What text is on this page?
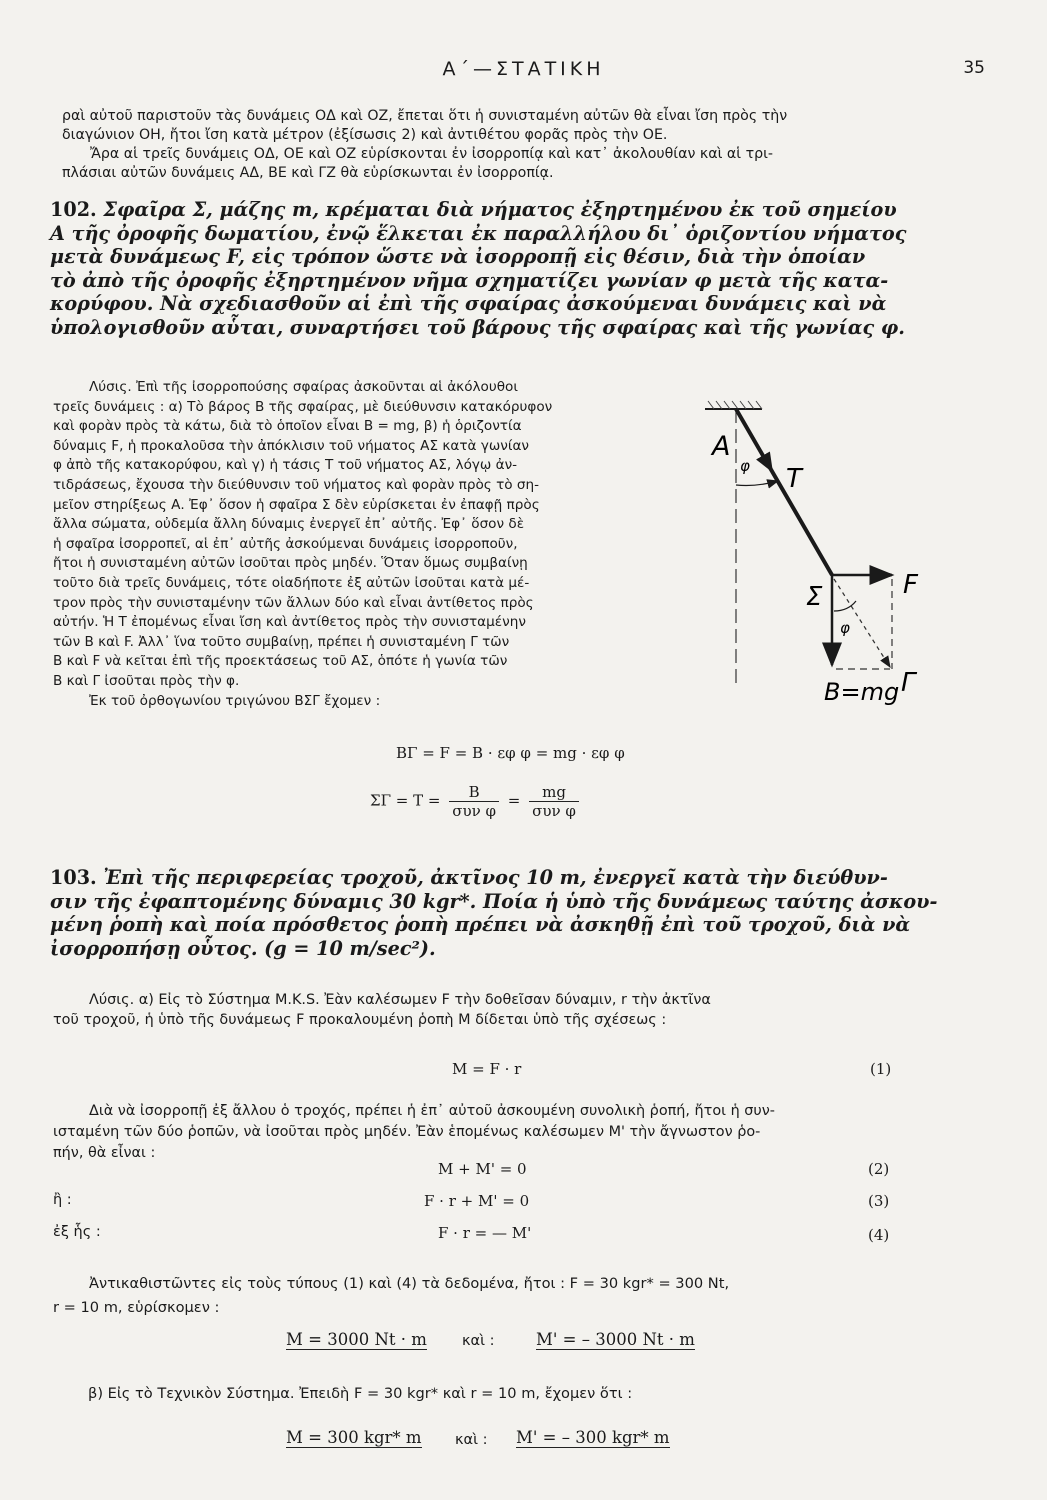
Α΄—ΣΤΑΤΙΚΗ	35
ραὶ αὐτοῦ παριστοῦν τὰς δυνάμεις ΟΔ καὶ ΟΖ, ἔπεται ὅτι ἡ συνισταμένη αὐτῶν θὰ εἶναι ἴση πρὸς τὴν
διαγώνιον ΟΗ, ἤτοι ἴση κατὰ μέτρον (ἐξίσωσις 2) καὶ ἀντιθέτου φορᾶς πρὸς τὴν ΟΕ.
Ἄρα αἱ τρεῖς δυνάμεις ΟΔ, ΟΕ καὶ ΟΖ εὑρίσκονται ἐν ἰσορροπίᾳ καὶ κατ᾽ ἀκολουθίαν καὶ αἱ τρι-
πλάσιαι αὐτῶν δυνάμεις ΑΔ, ΒΕ καὶ ΓΖ θὰ εὑρίσκωνται ἐν ἰσορροπίᾳ.
102. Σφαῖρα Σ, μάζης m, κρέμαται διὰ νήματος ἐξηρτημένου ἐκ τοῦ σημείου
Α τῆς ὀροφῆς δωματίου, ἐνῷ ἕλκεται ἐκ παραλλήλου δι᾽ ὁριζοντίου νήματος
μετὰ δυνάμεως F, εἰς τρόπον ὥστε νὰ ἰσορροπῇ εἰς θέσιν, διὰ τὴν ὁποίαν
τὸ ἀπὸ τῆς ὀροφῆς ἐξηρτημένον νῆμα σχηματίζει γωνίαν φ μετὰ τῆς κατα-
κορύφου. Νὰ σχεδιασθοῦν αἱ ἐπὶ τῆς σφαίρας ἀσκούμεναι δυνάμεις καὶ νὰ
ὑπολογισθοῦν αὗται, συναρτήσει τοῦ βάρους τῆς σφαίρας καὶ τῆς γωνίας φ.
Λύσις. Ἐπὶ τῆς ἰσορροπούσης σφαίρας ἀσκοῦνται αἱ ἀκόλουθοι
τρεῖς δυνάμεις : α) Τὸ βάρος Β τῆς σφαίρας, μὲ διεύθυνσιν κατακόρυφον
καὶ φορὰν πρὸς τὰ κάτω, διὰ τὸ ὁποῖον εἶναι Β = mg, β) ἡ ὁριζοντία
δύναμις F, ἡ προκαλοῦσα τὴν ἀπόκλισιν τοῦ νήματος ΑΣ κατὰ γωνίαν
φ ἀπὸ τῆς κατακορύφου, καὶ γ) ἡ τάσις Τ τοῦ νήματος ΑΣ, λόγῳ ἀν-
τιδράσεως, ἔχουσα τὴν διεύθυνσιν τοῦ νήματος καὶ φορὰν πρὸς τὸ ση-
μεῖον στηρίξεως Α. Ἐφ᾽ ὅσον ἡ σφαῖρα Σ δὲν εὑρίσκεται ἐν ἐπαφῇ πρὸς
ἄλλα σώματα, οὐδεμία ἄλλη δύναμις ἐνεργεῖ ἐπ᾽ αὐτῆς. Ἐφ᾽ ὅσον δὲ
ἡ σφαῖρα ἰσορροπεῖ, αἱ ἐπ᾽ αὐτῆς ἀσκούμεναι δυνάμεις ἰσορροποῦν,
ἤτοι ἡ συνισταμένη αὐτῶν ἰσοῦται πρὸς μηδέν. Ὅταν ὅμως συμβαίνῃ
τοῦτο διὰ τρεῖς δυνάμεις, τότε οἱαδήποτε ἐξ αὐτῶν ἰσοῦται κατὰ μέ-
τρον πρὸς τὴν συνισταμένην τῶν ἄλλων δύο καὶ εἶναι ἀντίθετος πρὸς
αὐτήν. Ἡ Τ ἐπομένως εἶναι ἴση καὶ ἀντίθετος πρὸς τὴν συνισταμένην
τῶν Β καὶ F. Ἀλλ᾽ ἵνα τοῦτο συμβαίνῃ, πρέπει ἡ συνισταμένη Γ τῶν
Β καὶ F νὰ κεῖται ἐπὶ τῆς προεκτάσεως τοῦ ΑΣ, ὁπότε ἡ γωνία τῶν
Β καὶ Γ ἰσοῦται πρὸς τὴν φ.
Ἐκ τοῦ ὀρθογωνίου τριγώνου ΒΣΓ ἔχομεν :
ΒΓ = F = Β · εφ φ = mg · εφ φ
$\Sigma\Gamma = T = \frac{B}{\text{συν φ}} = \frac{mg}{\text{συν φ}}$
A
φ T
Σ	F
φ
Γ
B=mg
103. Ἐπὶ τῆς περιφερείας τροχοῦ, ἀκτῖνος 10 m, ἐνεργεῖ κατὰ τὴν διεύθυν-
σιν τῆς ἐφαπτομένης δύναμις 30 kgr*. Ποία ἡ ὑπὸ τῆς δυνάμεως ταύτης ἀσκου-
μένη ῥοπὴ καὶ ποία πρόσθετος ῥοπὴ πρέπει νὰ ἀσκηθῇ ἐπὶ τοῦ τροχοῦ, διὰ νὰ
ἰσορροπήσῃ οὗτος. (g = 10 m/sec²).
Λύσις. α) Εἰς τὸ Σύστημα M.K.S. Ἐὰν καλέσωμεν F τὴν δοθεῖσαν δύναμιν, r τὴν ἀκτῖνα
τοῦ τροχοῦ, ἡ ὑπὸ τῆς δυνάμεως F προκαλουμένη ῥοπὴ Μ δίδεται ὑπὸ τῆς σχέσεως :
M = F · r	(1)
Διὰ νὰ ἰσορροπῇ ἐξ ἄλλου ὁ τροχός, πρέπει ἡ ἐπ᾽ αὐτοῦ ἀσκουμένη συνολικὴ ῥοπή, ἤτοι ἡ συν-
ισταμένη τῶν δύο ῥοπῶν, νὰ ἰσοῦται πρὸς μηδέν. Ἐὰν ἑπομένως καλέσωμεν Μ' τὴν ἄγνωστον ῥο-
πήν, θὰ εἶναι :
M + M' = 0	(2)
ἢ :	F · r + M' = 0	(3)
ἐξ ἧς :	F · r = — M'	(4)
Ἀντικαθιστῶντες εἰς τοὺς τύπους (1) καὶ (4) τὰ δεδομένα, ἤτοι : F = 30 kgr* = 300 Nt,
r = 10 m, εὑρίσκομεν :
M = 3000 Nt · m καὶ :	M' = – 3000 Nt · m
β) Εἰς τὸ Τεχνικὸν Σύστημα. Ἐπειδὴ F = 30 kgr* καὶ r = 10 m, ἔχομεν ὅτι :
M = 300 kgr* m καὶ : M' = – 300 kgr* m
